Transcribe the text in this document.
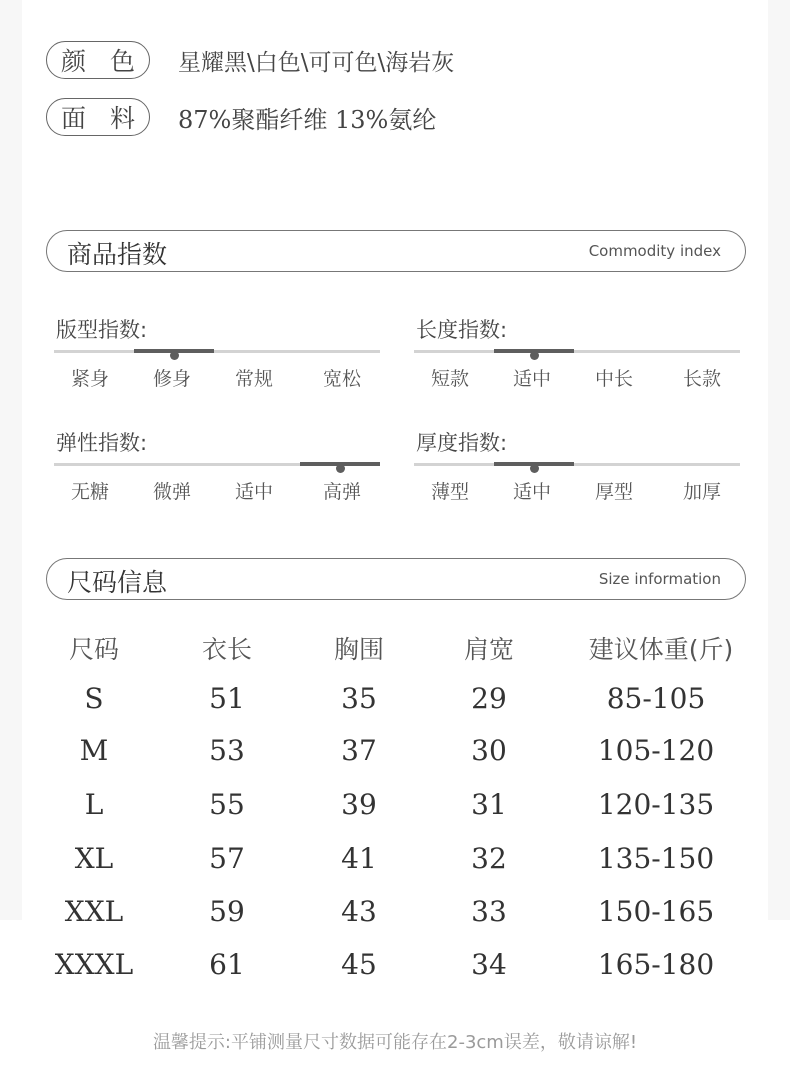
颜 色	星耀黑\白色\可可色\海岩灰
面 料 87%聚酯纤维 13%氨纶
商品指数	Commodity index
版型指数:
紧身	修身	常规	宽松
长度指数:
短款	适中	中长	长款
弹性指数:
无糖	微弹	适中	高弹
厚度指数:
薄型	适中	厚型	加厚
尺码信息	Size information
尺码	衣长	胸围	肩宽	建议体重(斤)
S	51	35	29	85-105
M	53	37	30	105-120
L	55	39	31	120-135
XL	57	41	32	135-150
XXL	59	43	33	150-165
XXXL	61	45	34	165-180
温馨提示:平铺测量尺寸数据可能存在2-3cm误差，敬请谅解!
